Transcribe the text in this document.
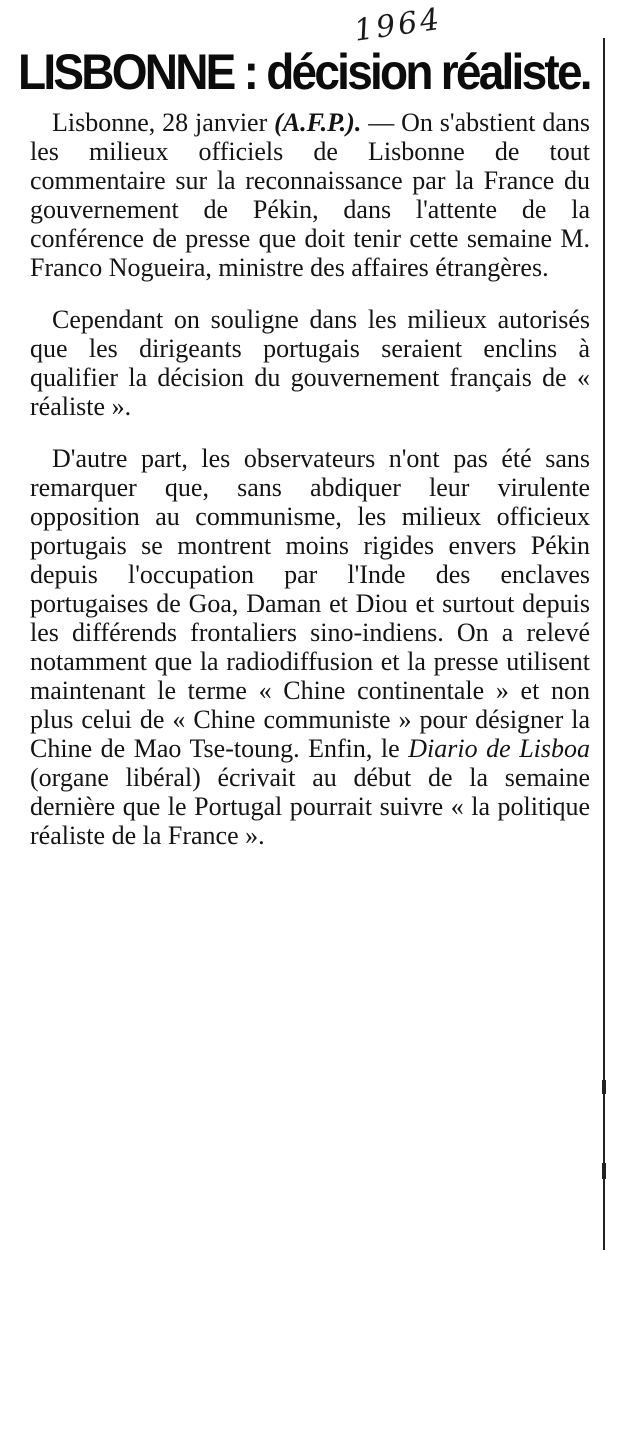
1964
LISBONNE : décision réaliste.

Lisbonne, 28 janvier (A.F.P.). — On s'abstient dans les milieux officiels de Lisbonne de tout commentaire sur la reconnaissance par la France du gouvernement de Pékin, dans l'attente de la conférence de presse que doit tenir cette semaine M. Franco Nogueira, ministre des affaires étrangères.

Cependant on souligne dans les milieux autorisés que les dirigeants portugais seraient enclins à qualifier la décision du gouvernement français de « réaliste ».

D'autre part, les observateurs n'ont pas été sans remarquer que, sans abdiquer leur virulente opposition au communisme, les milieux officieux portugais se montrent moins rigides envers Pékin depuis l'occupation par l'Inde des enclaves portugaises de Goa, Daman et Diou et surtout depuis les différends frontaliers sino-indiens. On a relevé notamment que la radiodiffusion et la presse utilisent maintenant le terme « Chine continentale » et non plus celui de « Chine communiste » pour désigner la Chine de Mao Tse-toung. Enfin, le Diario de Lisboa (organe libéral) écrivait au début de la semaine dernière que le Portugal pourrait suivre « la politique réaliste de la France ».
